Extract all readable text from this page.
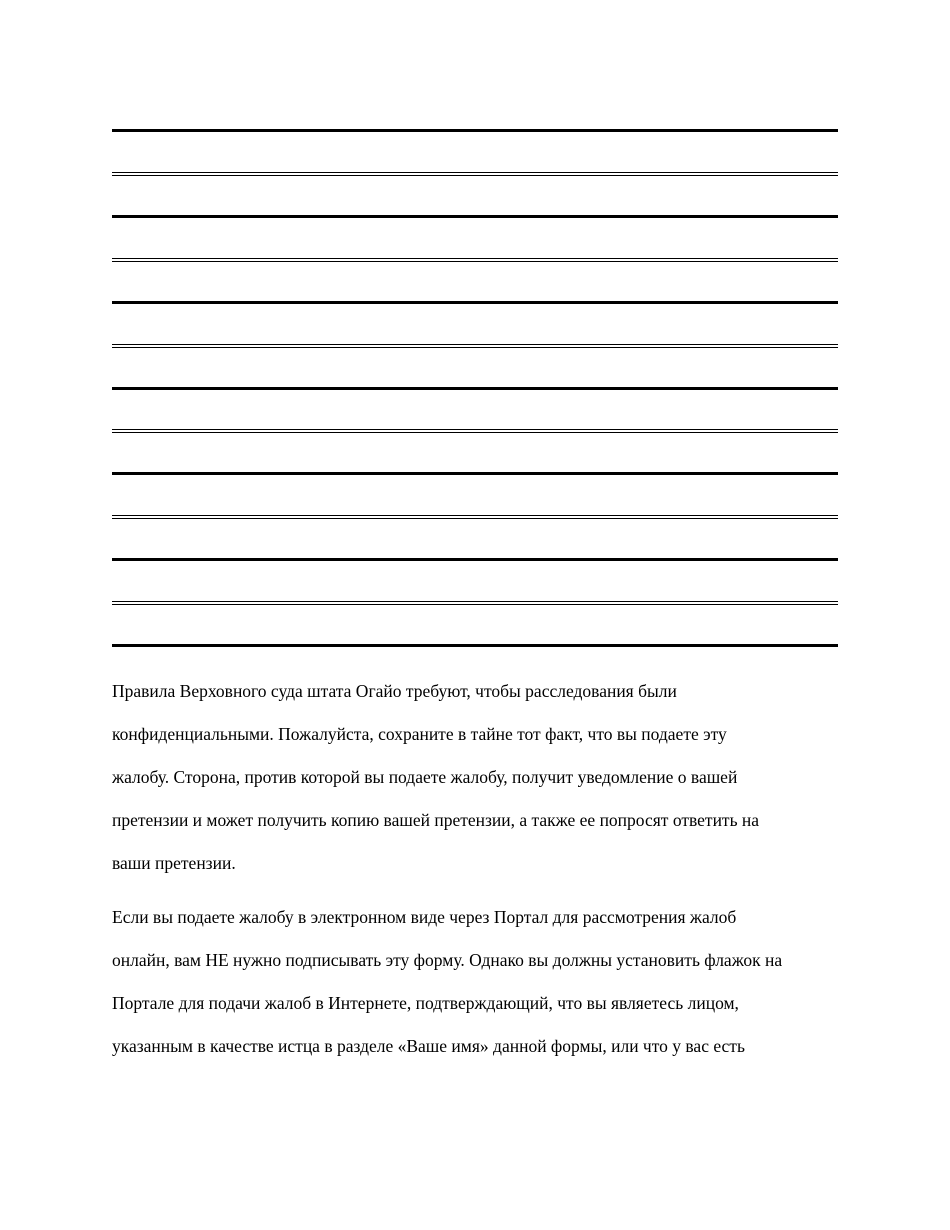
Правила Верховного суда штата Огайо требуют, чтобы расследования были
конфиденциальными. Пожалуйста, сохраните в тайне тот факт, что вы подаете эту
жалобу. Сторона, против которой вы подаете жалобу, получит уведомление о вашей
претензии и может получить копию вашей претензии, а также ее попросят ответить на
ваши претензии.

Если вы подаете жалобу в электронном виде через Портал для рассмотрения жалоб
онлайн, вам НЕ нужно подписывать эту форму. Однако вы должны установить флажок на
Портале для подачи жалоб в Интернете, подтверждающий, что вы являетесь лицом,
указанным в качестве истца в разделе «Ваше имя» данной формы, или что у вас есть
